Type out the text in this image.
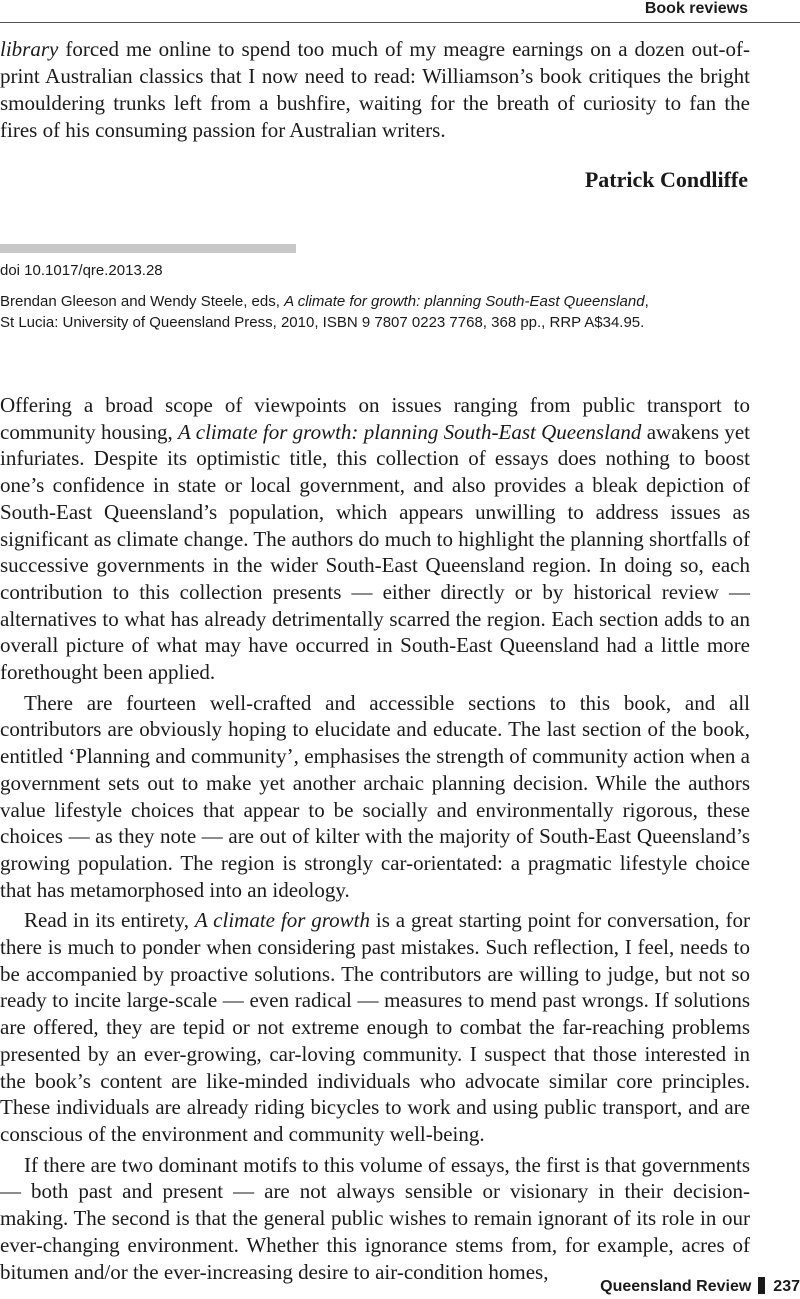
Book reviews

library forced me online to spend too much of my meagre earnings on a dozen out-of-print Australian classics that I now need to read: Williamson’s book critiques the bright smouldering trunks left from a bushfire, waiting for the breath of curiosity to fan the fires of his consuming passion for Australian writers.

Patrick Condliffe

doi 10.1017/qre.2013.28

Brendan Gleeson and Wendy Steele, eds, A climate for growth: planning South-East Queensland,
St Lucia: University of Queensland Press, 2010, ISBN 9 7807 0223 7768, 368 pp., RRP A$34.95.

Offering a broad scope of viewpoints on issues ranging from public transport to community housing, A climate for growth: planning South-East Queensland awakens yet infuriates. Despite its optimistic title, this collection of essays does nothing to boost one’s confidence in state or local government, and also provides a bleak depiction of South-East Queensland’s population, which appears unwilling to address issues as significant as climate change. The authors do much to highlight the planning shortfalls of successive governments in the wider South-East Queensland region. In doing so, each contribution to this collection presents — either directly or by historical review — alternatives to what has already detrimentally scarred the region. Each section adds to an overall picture of what may have occurred in South-East Queensland had a little more forethought been applied.

There are fourteen well-crafted and accessible sections to this book, and all contributors are obviously hoping to elucidate and educate. The last section of the book, entitled ‘Planning and community’, emphasises the strength of community action when a government sets out to make yet another archaic planning decision. While the authors value lifestyle choices that appear to be socially and environmentally rigorous, these choices — as they note — are out of kilter with the majority of South-East Queensland’s growing population. The region is strongly car-orientated: a pragmatic lifestyle choice that has metamorphosed into an ideology.

Read in its entirety, A climate for growth is a great starting point for conversation, for there is much to ponder when considering past mistakes. Such reflection, I feel, needs to be accompanied by proactive solutions. The contributors are willing to judge, but not so ready to incite large-scale — even radical — measures to mend past wrongs. If solutions are offered, they are tepid or not extreme enough to combat the far-reaching problems presented by an ever-growing, car-loving community. I suspect that those interested in the book’s content are like-minded individuals who advocate similar core principles. These individuals are already riding bicycles to work and using public transport, and are conscious of the environment and community well-being.

If there are two dominant motifs to this volume of essays, the first is that governments — both past and present — are not always sensible or visionary in their decision-making. The second is that the general public wishes to remain ignorant of its role in our ever-changing environment. Whether this ignorance stems from, for example, acres of bitumen and/or the ever-increasing desire to air-condition homes,

Queensland Review 237
